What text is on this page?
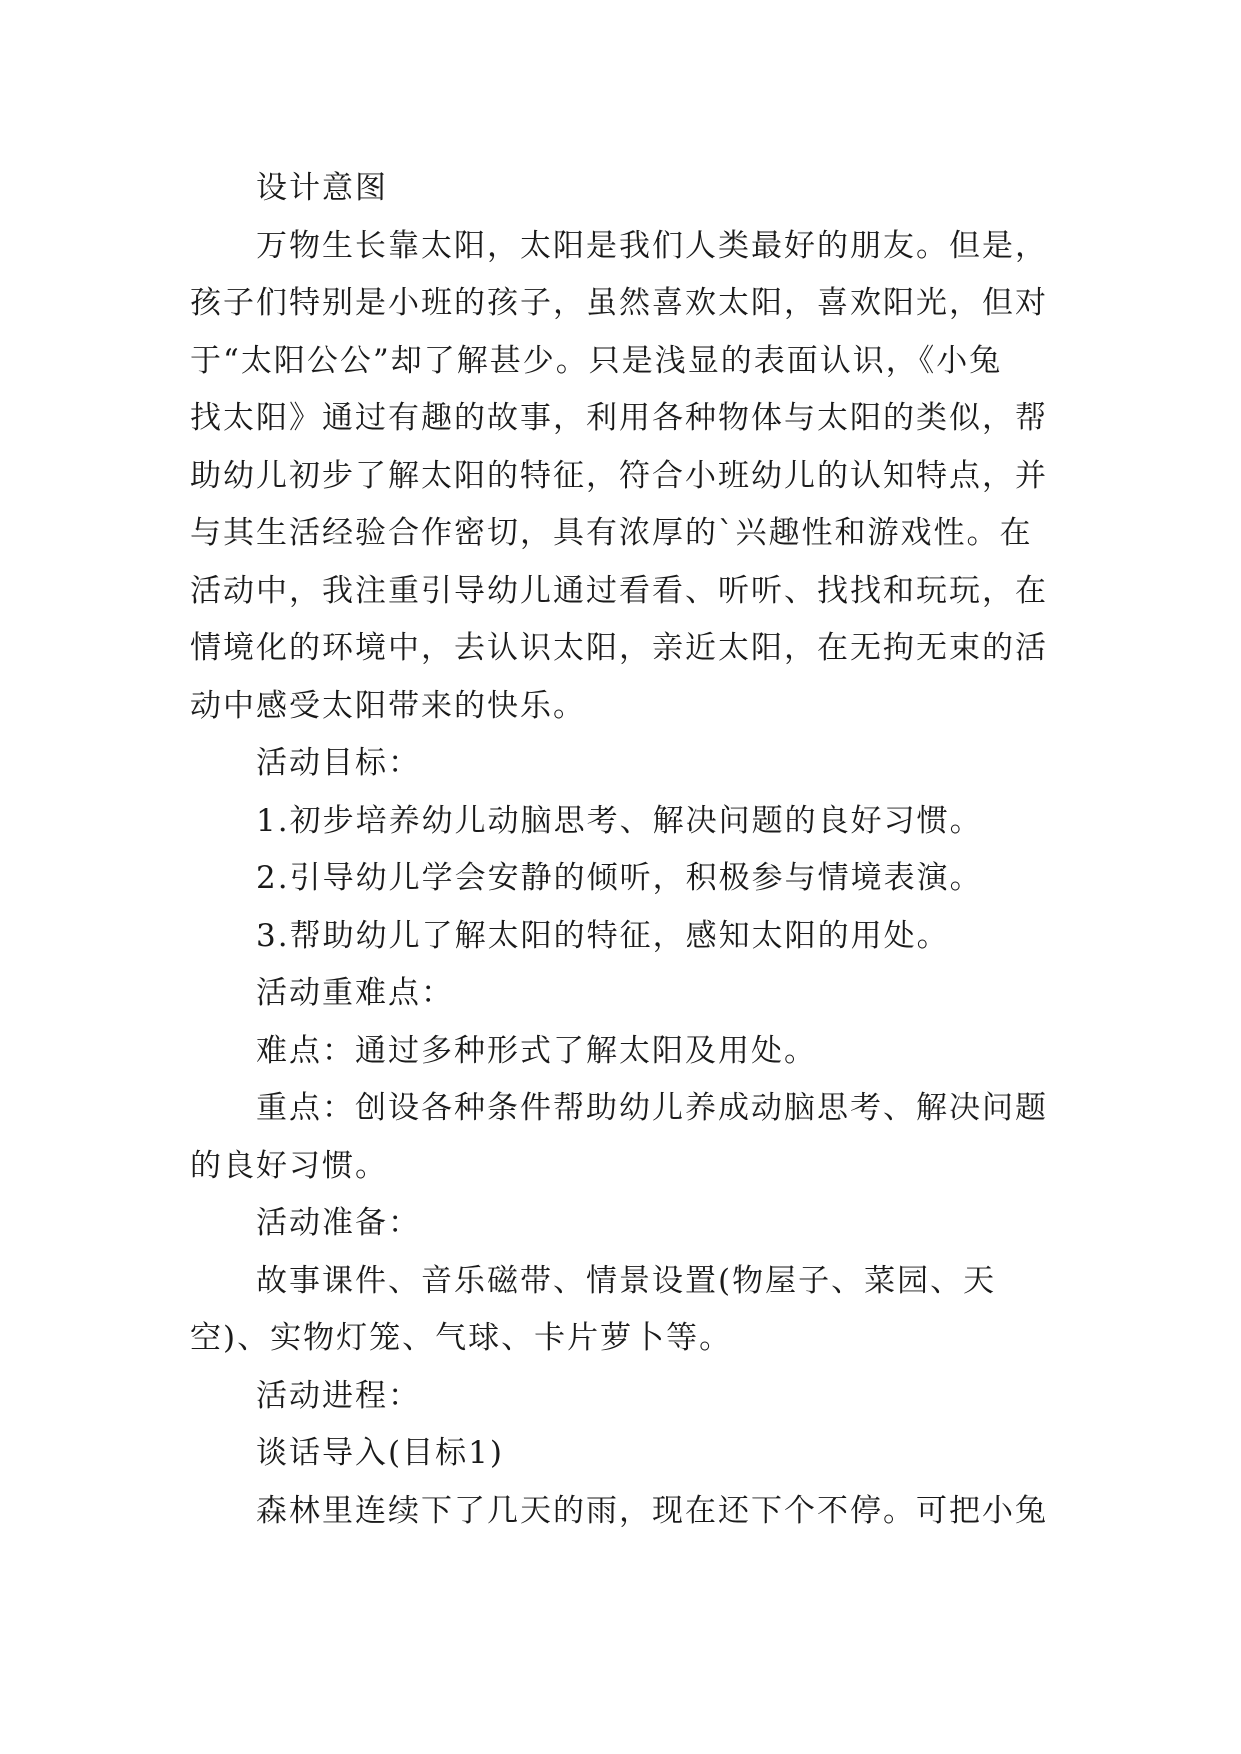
设计意图
万物生长靠太阳，太阳是我们人类最好的朋友。但是，
孩子们特别是小班的孩子，虽然喜欢太阳，喜欢阳光，但对
于“太阳公公”却了解甚少。只是浅显的表面认识，《小兔
找太阳》通过有趣的故事，利用各种物体与太阳的类似，帮
助幼儿初步了解太阳的特征，符合小班幼儿的认知特点，并
与其生活经验合作密切，具有浓厚的`兴趣性和游戏性。在
活动中，我注重引导幼儿通过看看、听听、找找和玩玩，在
情境化的环境中，去认识太阳，亲近太阳，在无拘无束的活
动中感受太阳带来的快乐。
活动目标：
1.初步培养幼儿动脑思考、解决问题的良好习惯。
2.引导幼儿学会安静的倾听，积极参与情境表演。
3.帮助幼儿了解太阳的特征，感知太阳的用处。
活动重难点：
难点：通过多种形式了解太阳及用处。
重点：创设各种条件帮助幼儿养成动脑思考、解决问题
的良好习惯。
活动准备：
故事课件、音乐磁带、情景设置(物屋子、菜园、天
空)、实物灯笼、气球、卡片萝卜等。
活动进程：
谈话导入(目标1)
森林里连续下了几天的雨，现在还下个不停。可把小兔
